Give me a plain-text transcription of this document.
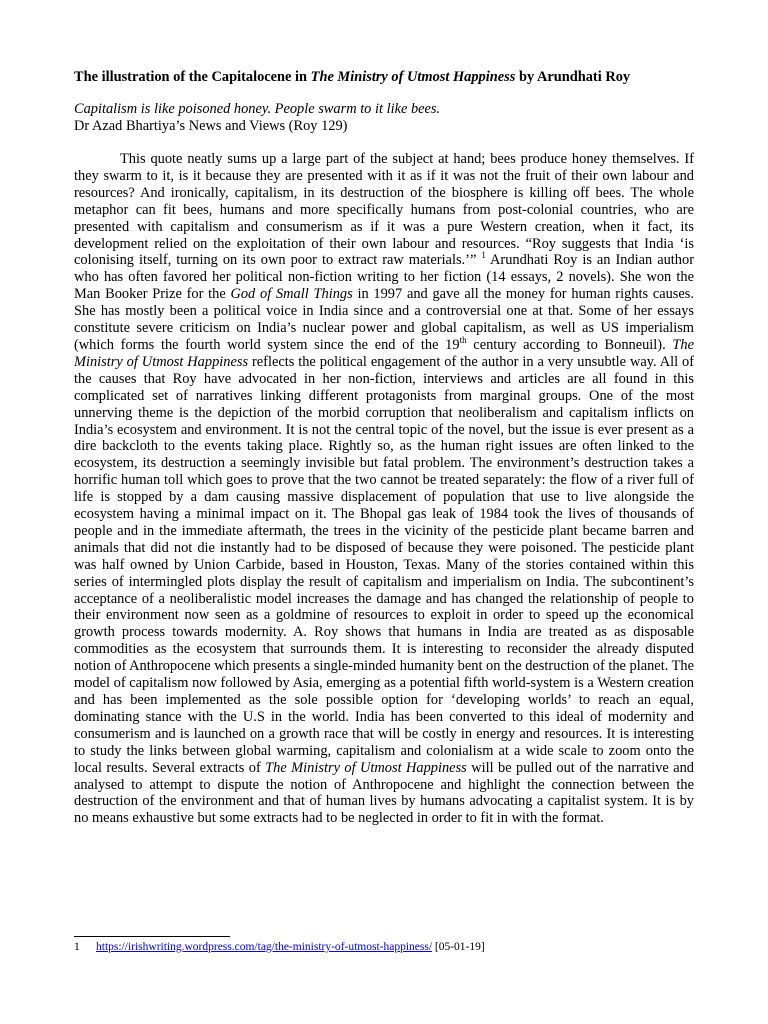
The illustration of the Capitalocene in The Ministry of Utmost Happiness by Arundhati Roy

Capitalism is like poisoned honey. People swarm to it like bees.
Dr Azad Bhartiya’s News and Views (Roy 129)

This quote neatly sums up a large part of the subject at hand; bees produce honey themselves. If they swarm to it, is it because they are presented with it as if it was not the fruit of their own labour and resources? And ironically, capitalism, in its destruction of the biosphere is killing off bees. The whole metaphor can fit bees, humans and more specifically humans from post-colonial countries, who are presented with capitalism and consumerism as if it was a pure Western creation, when it fact, its development relied on the exploitation of their own labour and resources. “Roy suggests that India ‘is colonising itself, turning on its own poor to extract raw materials.’” $^1$ Arundhati Roy is an Indian author who has often favored her political non-fiction writing to her fiction (14 essays, 2 novels). She won the Man Booker Prize for the God of Small Things in 1997 and gave all the money for human rights causes. She has mostly been a political voice in India since and a controversial one at that. Some of her essays constitute severe criticism on India’s nuclear power and global capitalism, as well as US imperialism (which forms the fourth world system since the end of the 19th century according to Bonneuil). The Ministry of Utmost Happiness reflects the political engagement of the author in a very unsubtle way. All of the causes that Roy have advocated in her non-fiction, interviews and articles are all found in this complicated set of narratives linking different protagonists from marginal groups. One of the most unnerving theme is the depiction of the morbid corruption that neoliberalism and capitalism inflicts on India’s ecosystem and environment. It is not the central topic of the novel, but the issue is ever present as a dire backcloth to the events taking place. Rightly so, as the human right issues are often linked to the ecosystem, its destruction a seemingly invisible but fatal problem. The environment’s destruction takes a horrific human toll which goes to prove that the two cannot be treated separately: the flow of a river full of life is stopped by a dam causing massive displacement of population that use to live alongside the ecosystem having a minimal impact on it. The Bhopal gas leak of 1984 took the lives of thousands of people and in the immediate aftermath, the trees in the vicinity of the pesticide plant became barren and animals that did not die instantly had to be disposed of because they were poisoned. The pesticide plant was half owned by Union Carbide, based in Houston, Texas. Many of the stories contained within this series of intermingled plots display the result of capitalism and imperialism on India. The subcontinent’s acceptance of a neoliberalistic model increases the damage and has changed the relationship of people to their environment now seen as a goldmine of resources to exploit in order to speed up the economical growth process towards modernity. A. Roy shows that humans in India are treated as as disposable commodities as the ecosystem that surrounds them. It is interesting to reconsider the already disputed notion of Anthropocene which presents a single-minded humanity bent on the destruction of the planet. The model of capitalism now followed by Asia, emerging as a potential fifth world-system is a Western creation and has been implemented as the sole possible option for ‘developing worlds’ to reach an equal, dominating stance with the U.S in the world. India has been converted to this ideal of modernity and consumerism and is launched on a growth race that will be costly in energy and resources. It is interesting to study the links between global warming, capitalism and colonialism at a wide scale to zoom onto the local results. Several extracts of The Ministry of Utmost Happiness will be pulled out of the narrative and analysed to attempt to dispute the notion of Anthropocene and highlight the connection between the destruction of the environment and that of human lives by humans advocating a capitalist system. It is by no means exhaustive but some extracts had to be neglected in order to fit in with the format.

1 https://irishwriting.wordpress.com/tag/the-ministry-of-utmost-happiness/ [05-01-19]
